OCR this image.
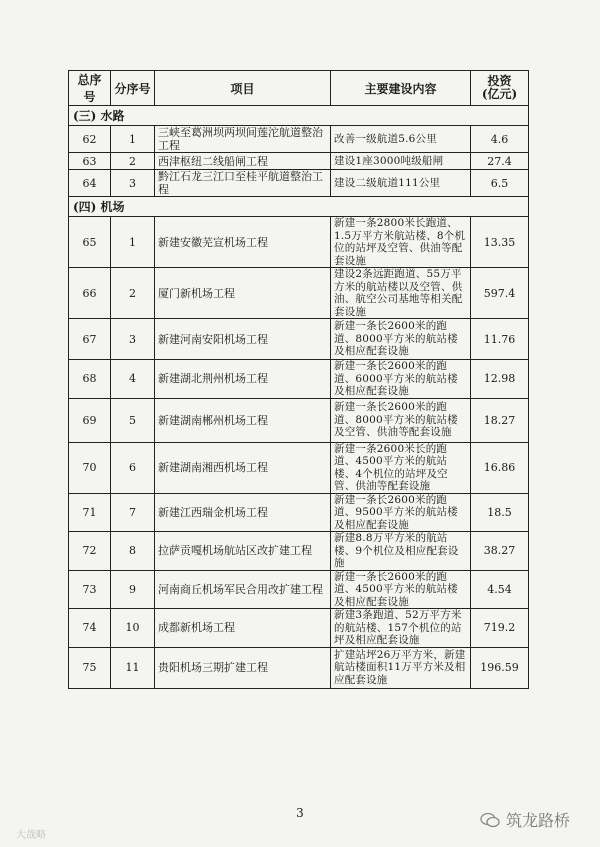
总序号	分序号	项目	主要建设内容	投资
(亿元)
(三) 水路				
62	1	三峡至葛洲坝两坝间莲沱航道整治工程	改善一级航道5.6公里	4.6
63	2	西津枢纽二线船闸工程	建设1座3000吨级船闸	27.4
64	3	黔江石龙三江口至桂平航道整治工程	建设二级航道111公里	6.5
(四) 机场				
65	1	新建安徽芜宣机场工程	新建一条2800米长跑道、1.5万平方米航站楼、8个机位的站坪及空管、供油等配套设施	13.35
66	2	厦门新机场工程	建设2条远距跑道、55万平方米的航站楼以及空管、供油、航空公司基地等相关配套设施	597.4
67	3	新建河南安阳机场工程	新建一条长2600米的跑道、8000平方米的航站楼及相应配套设施	11.76
68	4	新建湖北荆州机场工程	新建一条长2600米的跑道、6000平方米的航站楼及相应配套设施	12.98
69	5	新建湖南郴州机场工程	新建一条长2600米的跑道、8000平方米的航站楼及空管、供油等配套设施	18.27
70	6	新建湖南湘西机场工程	新建一条2600米长的跑道、4500平方米的航站楼、4个机位的站坪及空管、供油等配套设施	16.86
71	7	新建江西瑞金机场工程	新建一条长2600米的跑道、9500平方米的航站楼及相应配套设施	18.5
72	8	拉萨贡嘎机场航站区改扩建工程	新建8.8万平方米的航站楼、9个机位及相应配套设施	38.27
73	9	河南商丘机场军民合用改扩建工程	新建一条长2600米的跑道、4500平方米的航站楼及相应配套设施	4.54
74	10	成都新机场工程	新建3条跑道、52万平方米的航站楼、157个机位的站坪及相应配套设施	719.2
75	11	贵阳机场三期扩建工程	扩建站坪26万平方米，新建航站楼面积11万平方米及相应配套设施	196.59
3
大战略
筑龙路桥
